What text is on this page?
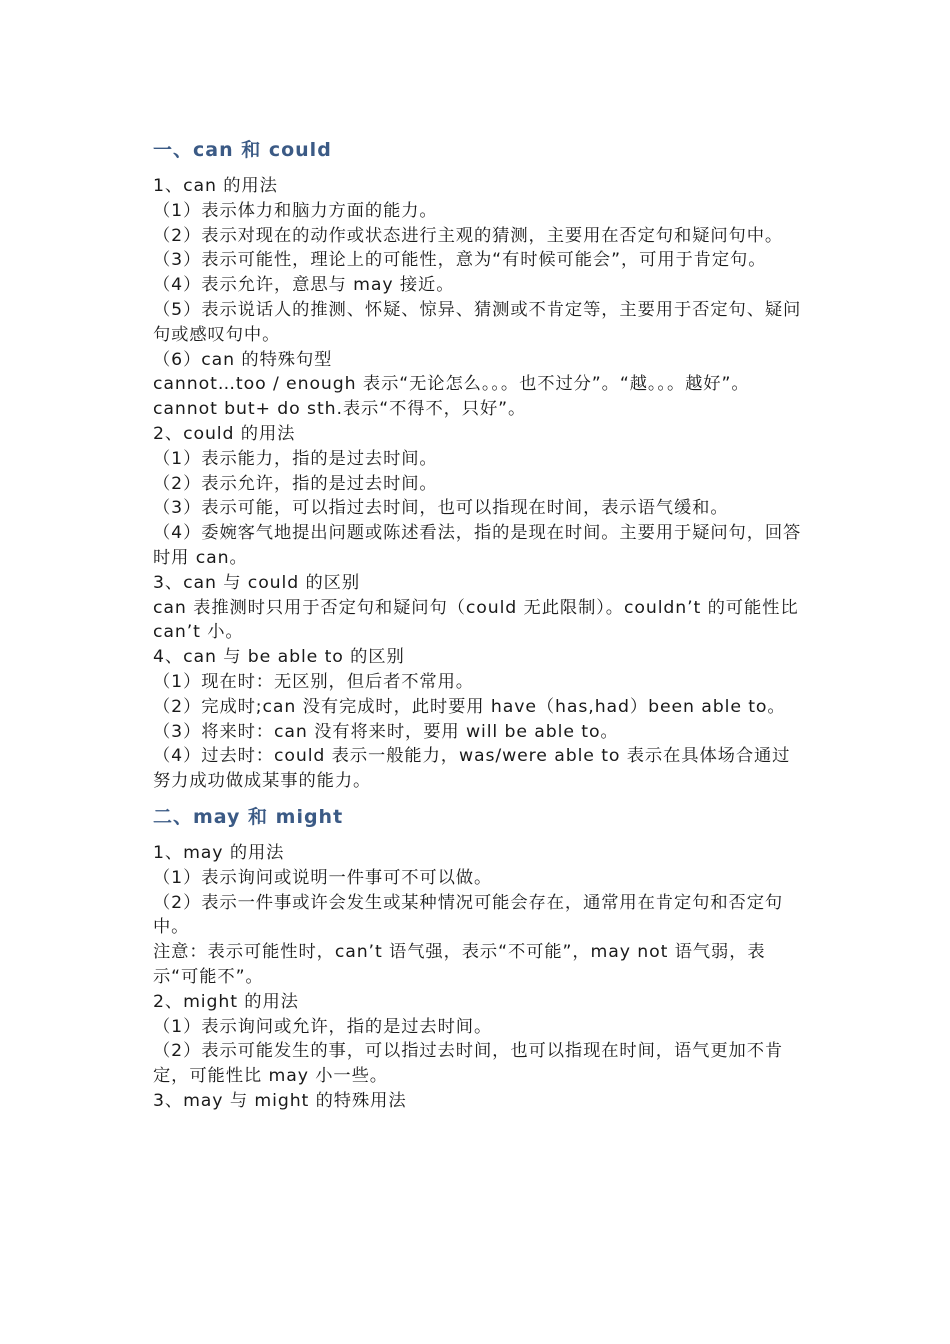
一、can 和 could

1、can 的用法

（1）表示体力和脑力方面的能力。

（2）表示对现在的动作或状态进行主观的猜测，主要用在否定句和疑问句中。

（3）表示可能性，理论上的可能性，意为“有时候可能会”，可用于肯定句。

（4）表示允许，意思与 may 接近。

（5）表示说话人的推测、怀疑、惊异、猜测或不肯定等，主要用于否定句、疑问句或感叹句中。

（6）can 的特殊句型

cannot…too / enough 表示“无论怎么。。。也不过分”。“越。。。越好”。

cannot but+ do sth.表示“不得不，只好”。

2、could 的用法

（1）表示能力，指的是过去时间。

（2）表示允许，指的是过去时间。

（3）表示可能，可以指过去时间，也可以指现在时间，表示语气缓和。

（4）委婉客气地提出问题或陈述看法，指的是现在时间。主要用于疑问句，回答时用 can。

3、can 与 could 的区别

can 表推测时只用于否定句和疑问句（could 无此限制）。couldn’t 的可能性比 can’t 小。

4、can 与 be able to 的区别

（1）现在时：无区别，但后者不常用。

（2）完成时;can 没有完成时，此时要用 have（has,had）been able to。

（3）将来时：can 没有将来时，要用 will be able to。

（4）过去时：could 表示一般能力，was/were able to 表示在具体场合通过努力成功做成某事的能力。

二、may 和 might

1、may 的用法

（1）表示询问或说明一件事可不可以做。

（2）表示一件事或许会发生或某种情况可能会存在，通常用在肯定句和否定句中。

注意：表示可能性时，can’t 语气强，表示“不可能”，may not 语气弱，表示“可能不”。

2、might 的用法

（1）表示询问或允许，指的是过去时间。

（2）表示可能发生的事，可以指过去时间，也可以指现在时间，语气更加不肯定，可能性比 may 小一些。

3、may 与 might 的特殊用法
